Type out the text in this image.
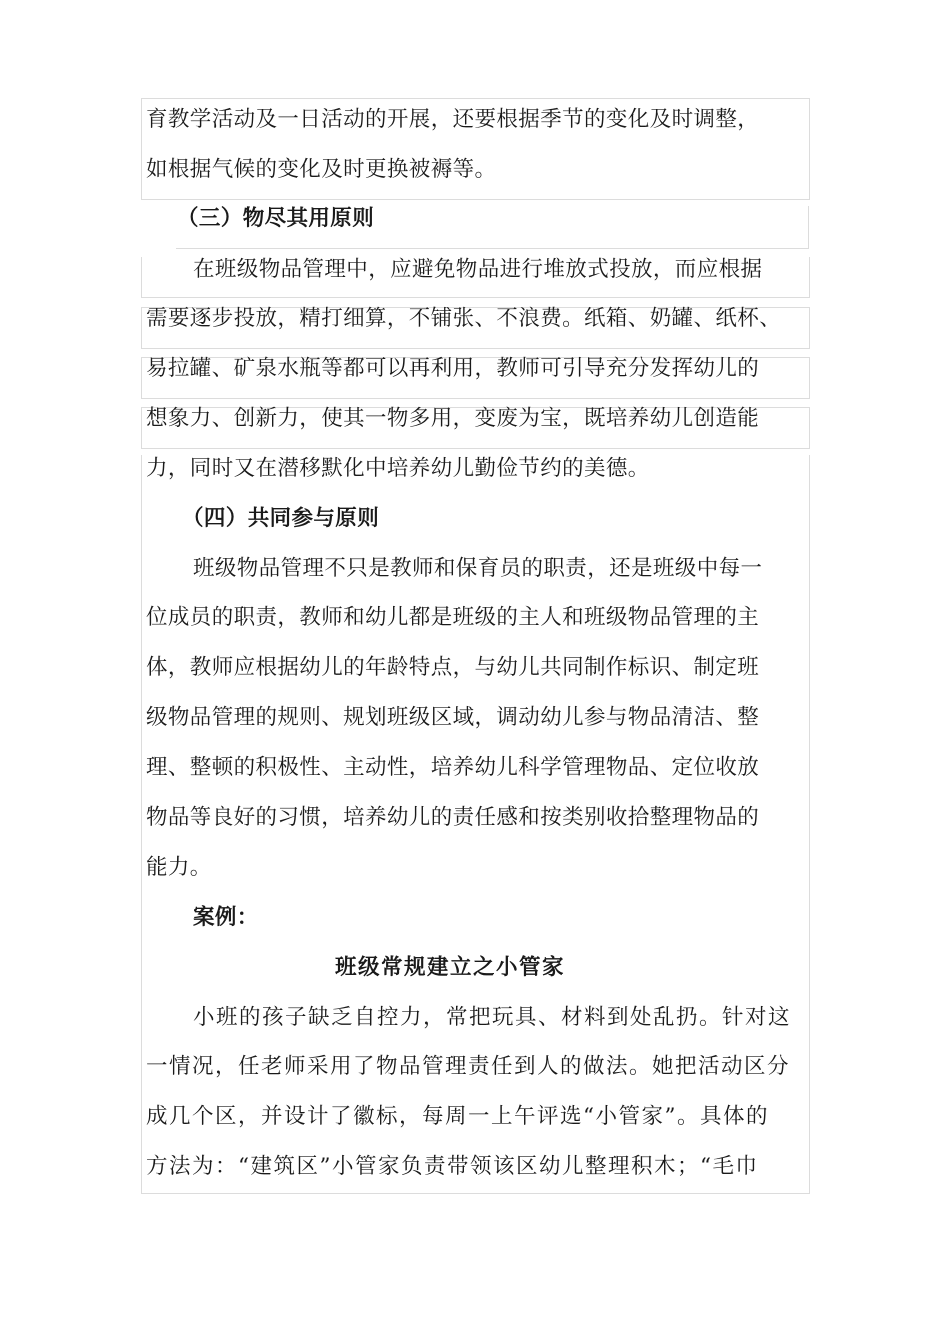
育教学活动及一日活动的开展，还要根据季节的变化及时调整，
如根据气候的变化及时更换被褥等。
（三）物尽其用原则
在班级物品管理中，应避免物品进行堆放式投放，而应根据
需要逐步投放，精打细算，不铺张、不浪费。纸箱、奶罐、纸杯、
易拉罐、矿泉水瓶等都可以再利用，教师可引导充分发挥幼儿的
想象力、创新力，使其一物多用，变废为宝，既培养幼儿创造能
力，同时又在潜移默化中培养幼儿勤俭节约的美德。
（四）共同参与原则
班级物品管理不只是教师和保育员的职责，还是班级中每一
位成员的职责，教师和幼儿都是班级的主人和班级物品管理的主
体，教师应根据幼儿的年龄特点，与幼儿共同制作标识、制定班
级物品管理的规则、规划班级区域，调动幼儿参与物品清洁、整
理、整顿的积极性、主动性，培养幼儿科学管理物品、定位收放
物品等良好的习惯，培养幼儿的责任感和按类别收拾整理物品的
能力。
案例：
班级常规建立之小管家
小班的孩子缺乏自控力，常把玩具、材料到处乱扔。针对这
一情况，任老师采用了物品管理责任到人的做法。她把活动区分
成几个区，并设计了徽标，每周一上午评选“小管家”。具体的
方法为：“建筑区”小管家负责带领该区幼儿整理积木；“毛巾
